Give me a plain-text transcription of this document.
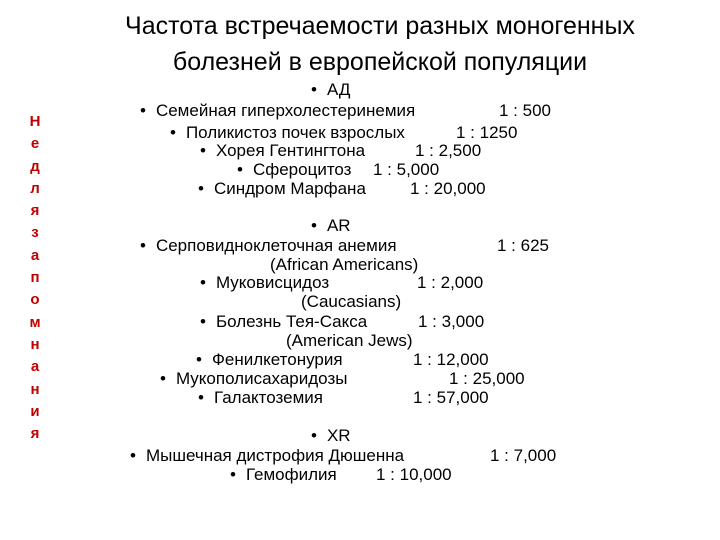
Частота встречаемости разных моногенных
болезней в европейской популяции
Н
е
д
л
я
з
а
п
о
м
н
а
н
и
я
• АД
• Семейная гиперхолестеринемия	1 : 500
• Поликистоз почек взрослых	1 : 1250
• Хорея Гентингтона	1 : 2,500
• Сфероцитоз 1 : 5,000
• Синдром Марфана	1 : 20,000
• AR
• Серповидноклеточная анемия	1 : 625
(African Americans)
• Муковисцидоз	1 : 2,000
(Caucasians)
• Болезнь Тея-Сакса	1 : 3,000
(American Jews)
• Фенилкетонурия	1 : 12,000
• Мукополисахаридозы	1 : 25,000
• Галактоземия	1 : 57,000
• XR
• Мышечная дистрофия Дюшенна	1 : 7,000
• Гемофилия 1 : 10,000
